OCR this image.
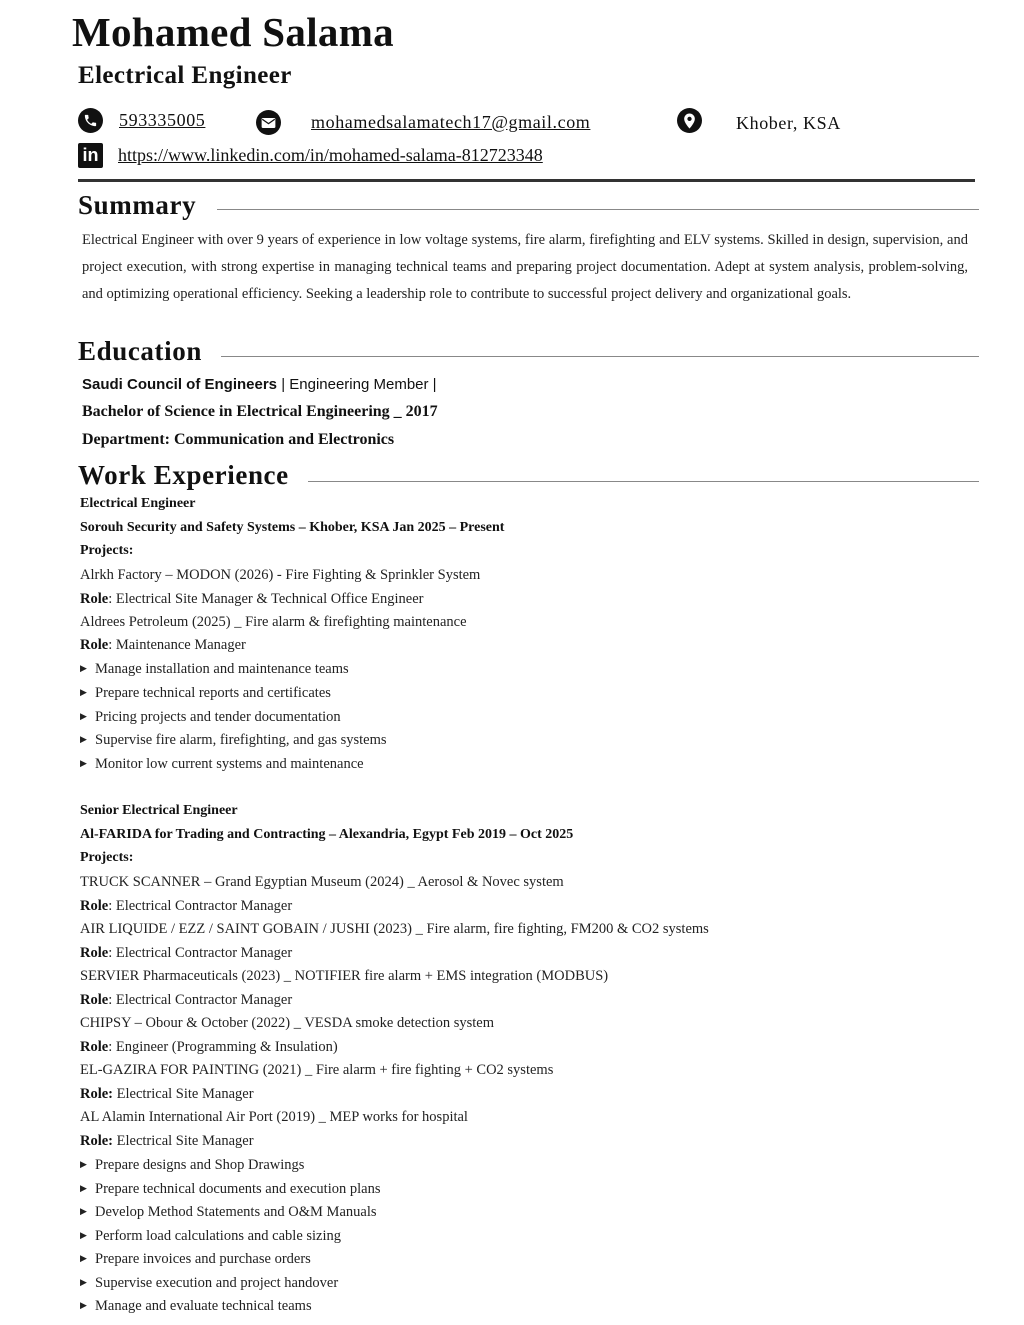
Mohamed Salama
Electrical Engineer
593335005	mohamedsalamatech17@gmail.com	Khober, KSA
in https://www.linkedin.com/in/mohamed-salama-812723348
Summary
Electrical Engineer with over 9 years of experience in low voltage systems, fire alarm, firefighting and ELV systems. Skilled in design, supervision, and project execution, with strong expertise in managing technical teams and preparing project documentation. Adept at system analysis, problem-solving, and optimizing operational efficiency. Seeking a leadership role to contribute to successful project delivery and organizational goals.
Education
Saudi Council of Engineers | Engineering Member |
Bachelor of Science in Electrical Engineering _ 2017
Department: Communication and Electronics
Work Experience
Electrical Engineer
Sorouh Security and Safety Systems – Khober, KSA Jan 2025 – Present
Projects:
Alrkh Factory – MODON (2026) - Fire Fighting & Sprinkler System
Role: Electrical Site Manager & Technical Office Engineer
Aldrees Petroleum (2025) _ Fire alarm & firefighting maintenance
Role: Maintenance Manager
▶ Manage installation and maintenance teams
▶ Prepare technical reports and certificates
▶ Pricing projects and tender documentation
▶ Supervise fire alarm, firefighting, and gas systems
▶ Monitor low current systems and maintenance
Senior Electrical Engineer
Al-FARIDA for Trading and Contracting – Alexandria, Egypt Feb 2019 – Oct 2025
Projects:
TRUCK SCANNER – Grand Egyptian Museum (2024) _ Aerosol & Novec system
Role: Electrical Contractor Manager
AIR LIQUIDE / EZZ / SAINT GOBAIN / JUSHI (2023) _ Fire alarm, fire fighting, FM200 & CO2 systems
Role: Electrical Contractor Manager
SERVIER Pharmaceuticals (2023) _ NOTIFIER fire alarm + EMS integration (MODBUS)
Role: Electrical Contractor Manager
CHIPSY – Obour & October (2022) _ VESDA smoke detection system
Role: Engineer (Programming & Insulation)
EL-GAZIRA FOR PAINTING (2021) _ Fire alarm + fire fighting + CO2 systems
Role: Electrical Site Manager
AL Alamin International Air Port (2019) _ MEP works for hospital
Role: Electrical Site Manager
▶ Prepare designs and Shop Drawings
▶ Prepare technical documents and execution plans
▶ Develop Method Statements and O&M Manuals
▶ Perform load calculations and cable sizing
▶ Prepare invoices and purchase orders
▶ Supervise execution and project handover
▶ Manage and evaluate technical teams
